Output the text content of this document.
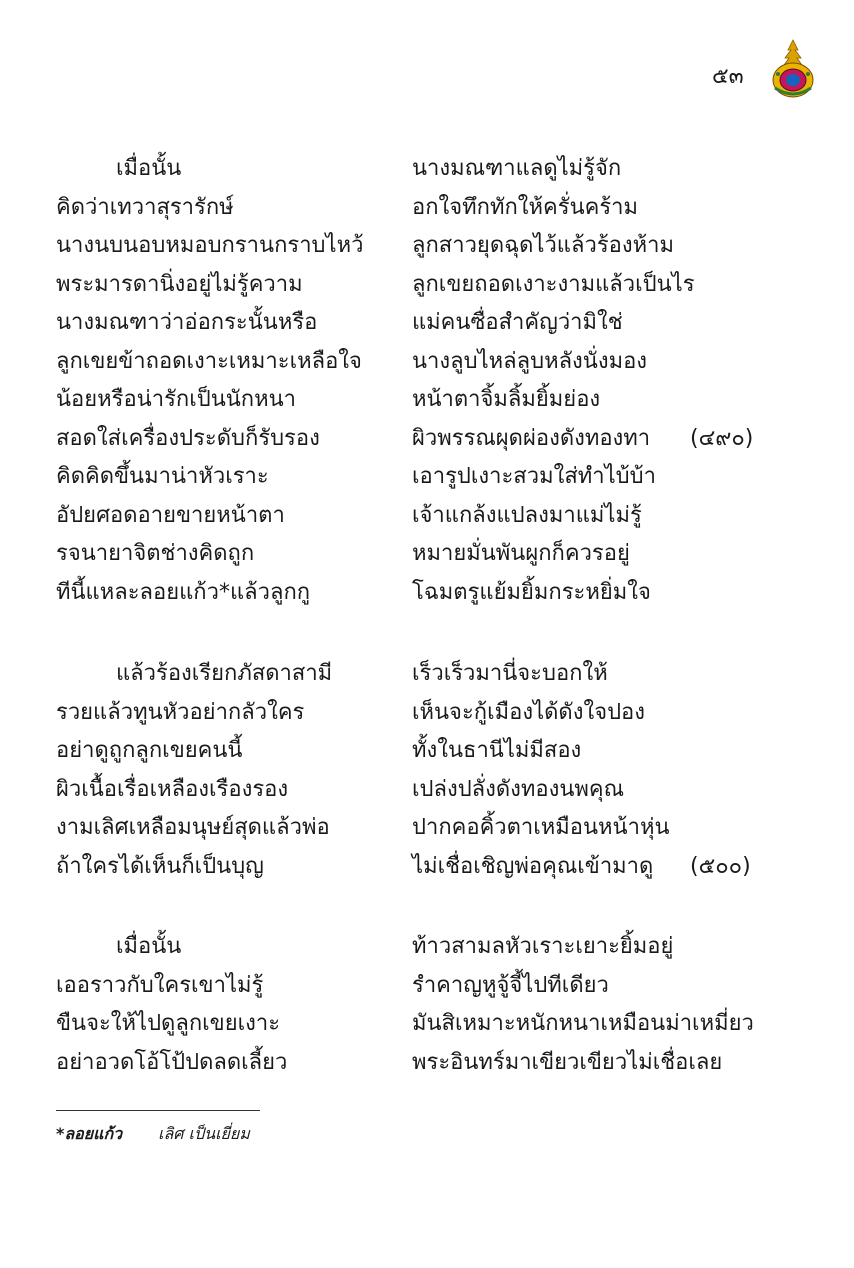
๕๓
เมื่อนั้น	นางมณฑาแลดูไม่รู้จัก
คิดว่าเทวาสุรารักษ์	อกใจทึกทักให้ครั่นคร้าม
นางนบนอบหมอบกรานกราบไหว้ ลูกสาวยุดฉุดไว้แล้วร้องห้าม
พระมารดานิ่งอยู่ไม่รู้ความ	ลูกเขยถอดเงาะงามแล้วเป็นไร
นางมณฑาว่าอ่อกระนั้นหรือ	แม่คนซื่อสำคัญว่ามิใช่
ลูกเขยข้าถอดเงาะเหมาะเหลือใจ นางลูบไหล่ลูบหลังนั่งมอง
น้อยหรือน่ารักเป็นนักหนา	หน้าตาจิ้มลิ้มยิ้มย่อง
สอดใส่เครื่องประดับก็รับรอง	ผิวพรรณผุดผ่องดังทองทา (๔๙๐)
คิดคิดขึ้นมาน่าหัวเราะ	เอารูปเงาะสวมใส่ทำไบ้บ้า
อัปยศอดอายขายหน้าตา	เจ้าแกล้งแปลงมาแม่ไม่รู้
รจนายาจิตช่างคิดถูก	หมายมั่นพันผูกก็ควรอยู่
ทีนี้แหละลอยแก้ว*แล้วลูกกู	โฉมตรูแย้มยิ้มกระหยิ่มใจ
แล้วร้องเรียกภัสดาสามี	เร็วเร็วมานี่จะบอกให้
รวยแล้วทูนหัวอย่ากลัวใคร	เห็นจะกู้เมืองได้ดังใจปอง
อย่าดูถูกลูกเขยคนนี้	ทั้งในธานีไม่มีสอง
ผิวเนื้อเรื่อเหลืองเรืองรอง	เปล่งปลั่งดังทองนพคุณ
งามเลิศเหลือมนุษย์สุดแล้วพ่อ	ปากคอคิ้วตาเหมือนหน้าหุ่น
ถ้าใครได้เห็นก็เป็นบุญ	ไม่เชื่อเชิญพ่อคุณเข้ามาดู (๕๐๐)
เมื่อนั้น	ท้าวสามลหัวเราะเยาะยิ้มอยู่
เออราวกับใครเขาไม่รู้	รำคาญหูจู้จี้ไปทีเดียว
ขืนจะให้ไปดูลูกเขยเงาะ	มันสิเหมาะหนักหนาเหมือนม่าเหมี่ยว
อย่าอวดโอ้โป้ปดลดเลี้ยว	พระอินทร์มาเขียวเขียวไม่เชื่อเลย
*ลอยแก้ว เลิศ เป็นเยี่ยม
